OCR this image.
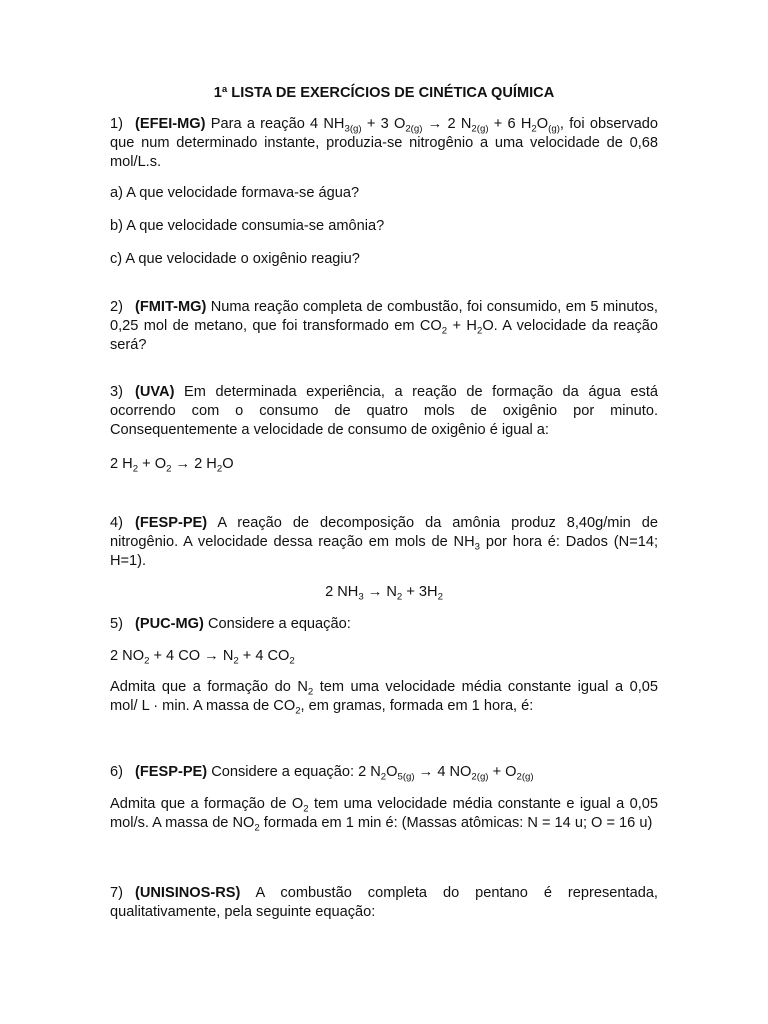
1ª LISTA DE EXERCÍCIOS DE CINÉTICA QUÍMICA
1) (EFEI-MG) Para a reação 4 $NH_{3(g)} + 3$ $O_{2(g)} \to 2$ $N_{2(g)} + 6$ $H_2O_{(g)}$, foi observado que num determinado instante, produzia-se nitrogênio a uma velocidade de 0,68 mol/L.s.
a) A que velocidade formava-se água?
b) A que velocidade consumia-se amônia?
c) A que velocidade o oxigênio reagiu?
2) (FMIT-MG) Numa reação completa de combustão, foi consumido, em 5 minutos, 0,25 mol de metano, que foi transformado em $CO_2 + H_2O$. A velocidade da reação será?
3) (UVA) Em determinada experiência, a reação de formação da água está ocorrendo com o consumo de quatro mols de oxigênio por minuto. Consequentemente a velocidade de consumo de oxigênio é igual a:
2 $H_2 + O_2 \to 2$ $H_2O$
4) (FESP-PE) A reação de decomposição da amônia produz 8,40g/min de nitrogênio. A velocidade dessa reação em mols de $NH_3$ por hora é: Dados (N=14; H=1).
2 $NH_3 \to N_2 + 3H_2$
5) (PUC-MG) Considere a equação:
2 $NO_2 + 4$ CO → $N_2 + 4$ $CO_2$
Admita que a formação do $N_2$ tem uma velocidade média constante igual a 0,05 mol/ L · min. A massa de $CO_2$, em gramas, formada em 1 hora, é:
6) (FESP-PE) Considere a equação: 2 $N_2O_{5(g)} \to 4$ $NO_{2(g)} + O_{2(g)}$
Admita que a formação de $O_2$ tem uma velocidade média constante e igual a 0,05 mol/s. A massa de $NO_2$ formada em 1 min é: (Massas atômicas: N = 14 u; O = 16 u)
7) (UNISINOS-RS) A combustão completa do pentano é representada, qualitativamente, pela seguinte equação:
